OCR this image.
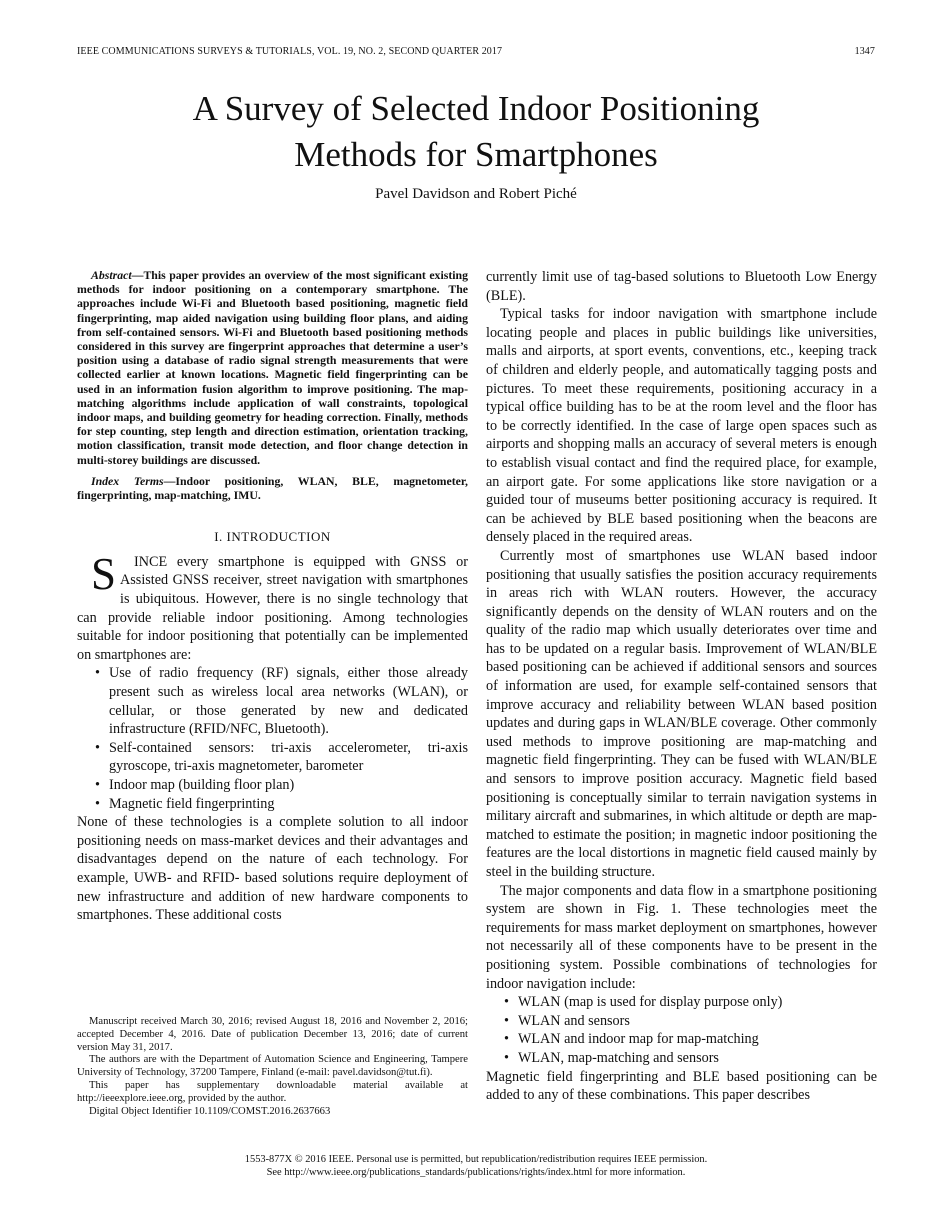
IEEE COMMUNICATIONS SURVEYS & TUTORIALS, VOL. 19, NO. 2, SECOND QUARTER 2017	1347
A Survey of Selected Indoor Positioning
Methods for Smartphones
Pavel Davidson and Robert Piché

Abstract—This paper provides an overview of the most significant existing methods for indoor positioning on a contemporary smartphone. The approaches include Wi-Fi and Bluetooth based positioning, magnetic field fingerprinting, map aided navigation using building floor plans, and aiding from self-contained sensors. Wi-Fi and Bluetooth based positioning methods considered in this survey are fingerprint approaches that determine a user’s position using a database of radio signal strength measurements that were collected earlier at known locations. Magnetic field fingerprinting can be used in an information fusion algorithm to improve positioning. The map-matching algorithms include application of wall constraints, topological indoor maps, and building geometry for heading correction. Finally, methods for step counting, step length and direction estimation, orientation tracking, motion classification, transit mode detection, and floor change detection in multi-storey buildings are discussed.

Index Terms—Indoor positioning, WLAN, BLE, magnetometer, fingerprinting, map-matching, IMU.

I. INTRODUCTION

S INCE every smartphone is equipped with GNSS or Assisted GNSS receiver, street navigation with smartphones is ubiquitous. However, there is no single technology that can provide reliable indoor positioning. Among technologies suitable for indoor positioning that potentially can be implemented on smartphones are:

• Use of radio frequency (RF) signals, either those already present such as wireless local area networks (WLAN), or cellular, or those generated by new and dedicated infrastructure (RFID/NFC, Bluetooth).
• Self-contained sensors: tri-axis accelerometer, tri-axis gyroscope, tri-axis magnetometer, barometer
• Indoor map (building floor plan)
• Magnetic field fingerprinting

None of these technologies is a complete solution to all indoor positioning needs on mass-market devices and their advantages and disadvantages depend on the nature of each technology. For example, UWB- and RFID- based solutions require deployment of new infrastructure and addition of new hardware components to smartphones. These additional costs

currently limit use of tag-based solutions to Bluetooth Low Energy (BLE).

Typical tasks for indoor navigation with smartphone include locating people and places in public buildings like universities, malls and airports, at sport events, conventions, etc., keeping track of children and elderly people, and automatically tagging posts and pictures. To meet these requirements, positioning accuracy in a typical office building has to be at the room level and the floor has to be correctly identified. In the case of large open spaces such as airports and shopping malls an accuracy of several meters is enough to establish visual contact and find the required place, for example, an airport gate. For some applications like store navigation or a guided tour of museums better positioning accuracy is required. It can be achieved by BLE based positioning when the beacons are densely placed in the required areas.

Currently most of smartphones use WLAN based indoor positioning that usually satisfies the position accuracy requirements in areas rich with WLAN routers. However, the accuracy significantly depends on the density of WLAN routers and on the quality of the radio map which usually deteriorates over time and has to be updated on a regular basis. Improvement of WLAN/BLE based positioning can be achieved if additional sensors and sources of information are used, for example self-contained sensors that improve accuracy and reliability between WLAN based position updates and during gaps in WLAN/BLE coverage. Other commonly used methods to improve positioning are map-matching and magnetic field fingerprinting. They can be fused with WLAN/BLE and sensors to improve position accuracy. Magnetic field based positioning is conceptually similar to terrain navigation systems in military aircraft and submarines, in which altitude or depth are map-matched to estimate the position; in magnetic indoor positioning the features are the local distortions in magnetic field caused mainly by steel in the building structure.

The major components and data flow in a smartphone positioning system are shown in Fig. 1. These technologies meet the requirements for mass market deployment on smartphones, however not necessarily all of these components have to be present in the positioning system. Possible combinations of technologies for indoor navigation include:

• WLAN (map is used for display purpose only)
• WLAN and sensors
• WLAN and indoor map for map-matching
• WLAN, map-matching and sensors

Magnetic field fingerprinting and BLE based positioning can be added to any of these combinations. This paper describes

Manuscript received March 30, 2016; revised August 18, 2016 and November 2, 2016; accepted December 4, 2016. Date of publication December 13, 2016; date of current version May 31, 2017.

The authors are with the Department of Automation Science and Engineering, Tampere University of Technology, 37200 Tampere, Finland (e-mail: pavel.davidson@tut.fi).

This paper has supplementary downloadable material available at http://ieeexplore.ieee.org, provided by the author.

Digital Object Identifier 10.1109/COMST.2016.2637663

1553-877X © 2016 IEEE. Personal use is permitted, but republication/redistribution requires IEEE permission.
See http://www.ieee.org/publications_standards/publications/rights/index.html for more information.
